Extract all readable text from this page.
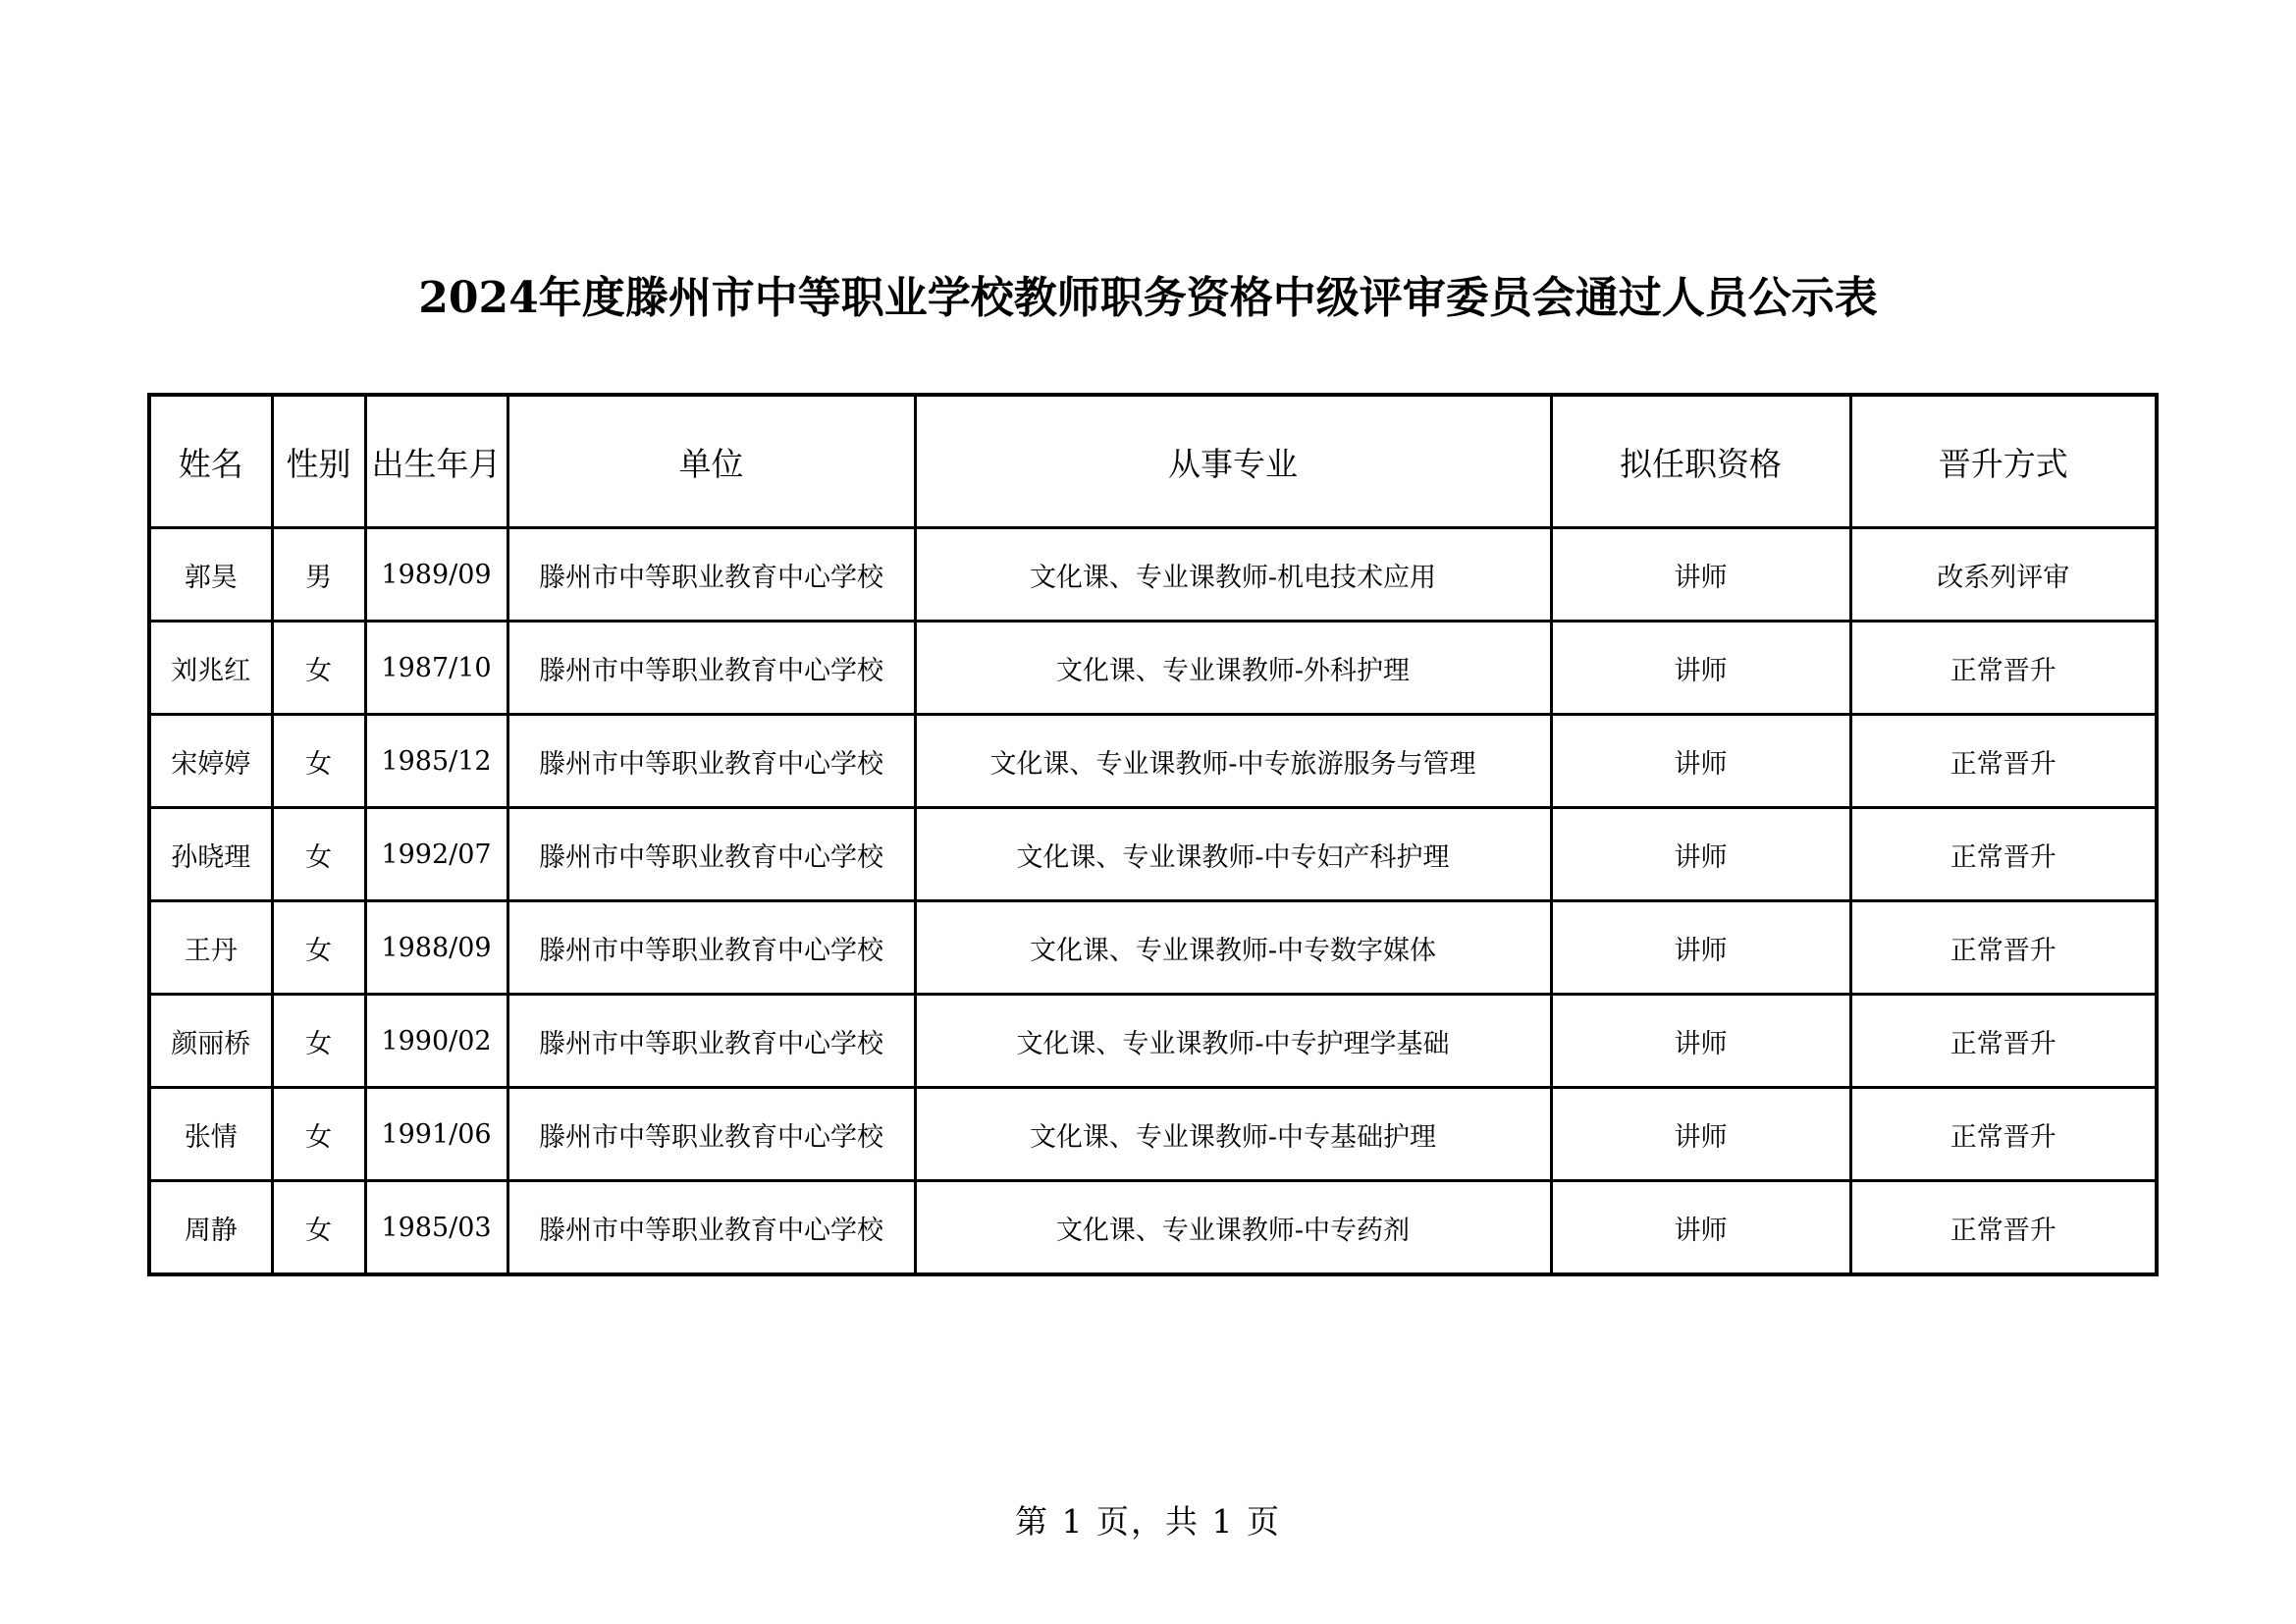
2024年度滕州市中等职业学校教师职务资格中级评审委员会通过人员公示表
姓名	性别	出生年月	单位	从事专业	拟任职资格	晋升方式
郭昊	男	1989/09	滕州市中等职业教育中心学校	文化课、专业课教师-机电技术应用	讲师	改系列评审
刘兆红	女	1987/10	滕州市中等职业教育中心学校	文化课、专业课教师-外科护理	讲师	正常晋升
宋婷婷	女	1985/12	滕州市中等职业教育中心学校	文化课、专业课教师-中专旅游服务与管理	讲师	正常晋升
孙晓理	女	1992/07	滕州市中等职业教育中心学校	文化课、专业课教师-中专妇产科护理	讲师	正常晋升
王丹	女	1988/09	滕州市中等职业教育中心学校	文化课、专业课教师-中专数字媒体	讲师	正常晋升
颜丽桥	女	1990/02	滕州市中等职业教育中心学校	文化课、专业课教师-中专护理学基础	讲师	正常晋升
张情	女	1991/06	滕州市中等职业教育中心学校	文化课、专业课教师-中专基础护理	讲师	正常晋升
周静	女	1985/03	滕州市中等职业教育中心学校	文化课、专业课教师-中专药剂	讲师	正常晋升
第 1 页，共 1 页
